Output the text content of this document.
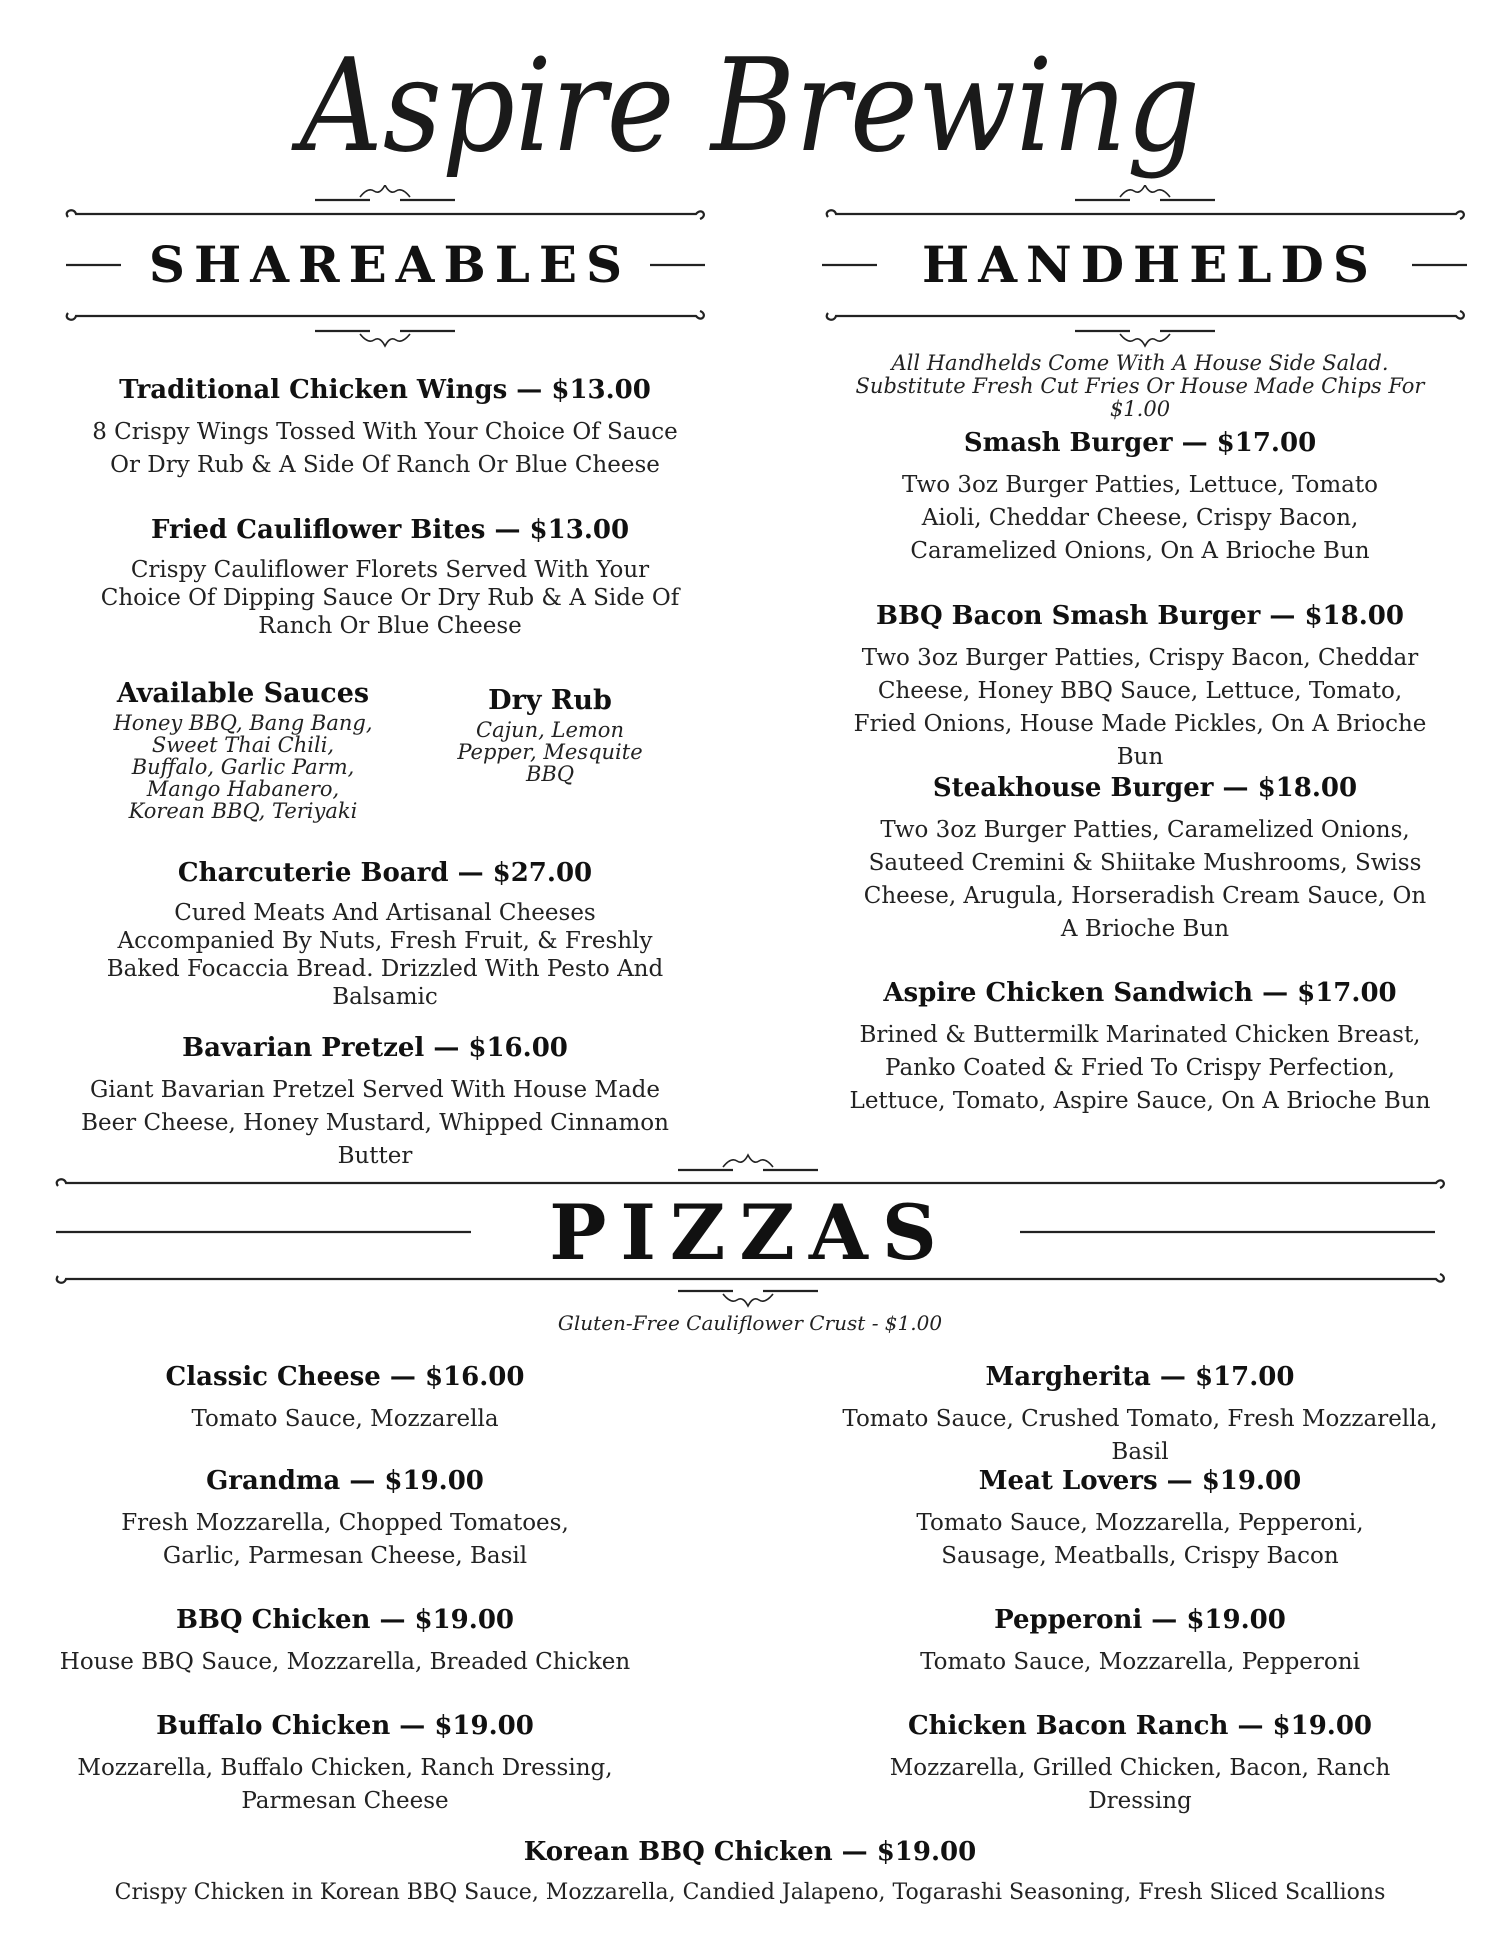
Aspire Brewing
SHAREABLES	HANDHELDS
Traditional Chicken Wings — $13.00
8 Crispy Wings Tossed With Your Choice Of Sauce Or Dry Rub & A Side Of Ranch Or Blue Cheese
Fried Cauliflower Bites — $13.00
Crispy Cauliflower Florets Served With Your Choice Of Dipping Sauce Or Dry Rub & A Side Of Ranch Or Blue Cheese
Available Sauces
Honey BBQ, Bang Bang, Sweet Thai Chili, Buffalo, Garlic Parm, Mango Habanero, Korean BBQ, Teriyaki
Dry Rub
Cajun, Lemon Pepper, Mesquite BBQ
Charcuterie Board — $27.00
Cured Meats And Artisanal Cheeses Accompanied By Nuts, Fresh Fruit, & Freshly Baked Focaccia Bread. Drizzled With Pesto And Balsamic
Bavarian Pretzel — $16.00
Giant Bavarian Pretzel Served With House Made Beer Cheese, Honey Mustard, Whipped Cinnamon Butter
All Handhelds Come With A House Side Salad.
Substitute Fresh Cut Fries Or House Made Chips For $1.00
Smash Burger — $17.00
Two 3oz Burger Patties, Lettuce, Tomato Aioli, Cheddar Cheese, Crispy Bacon, Caramelized Onions, On A Brioche Bun
BBQ Bacon Smash Burger — $18.00
Two 3oz Burger Patties, Crispy Bacon, Cheddar Cheese, Honey BBQ Sauce, Lettuce, Tomato, Fried Onions, House Made Pickles, On A Brioche Bun
Steakhouse Burger — $18.00
Two 3oz Burger Patties, Caramelized Onions, Sauteed Cremini & Shiitake Mushrooms, Swiss Cheese, Arugula, Horseradish Cream Sauce, On A Brioche Bun
Aspire Chicken Sandwich — $17.00
Brined & Buttermilk Marinated Chicken Breast, Panko Coated & Fried To Crispy Perfection, Lettuce, Tomato, Aspire Sauce, On A Brioche Bun
PIZZAS
Gluten-Free Cauliflower Crust - $1.00
Classic Cheese — $16.00
Tomato Sauce, Mozzarella
Grandma — $19.00
Fresh Mozzarella, Chopped Tomatoes, Garlic, Parmesan Cheese, Basil
BBQ Chicken — $19.00
House BBQ Sauce, Mozzarella, Breaded Chicken
Buffalo Chicken — $19.00
Mozzarella, Buffalo Chicken, Ranch Dressing, Parmesan Cheese
Margherita — $17.00
Tomato Sauce, Crushed Tomato, Fresh Mozzarella, Basil
Meat Lovers — $19.00
Tomato Sauce, Mozzarella, Pepperoni, Sausage, Meatballs, Crispy Bacon
Pepperoni — $19.00
Tomato Sauce, Mozzarella, Pepperoni
Chicken Bacon Ranch — $19.00
Mozzarella, Grilled Chicken, Bacon, Ranch Dressing
Korean BBQ Chicken — $19.00
Crispy Chicken in Korean BBQ Sauce, Mozzarella, Candied Jalapeno, Togarashi Seasoning, Fresh Sliced Scallions
